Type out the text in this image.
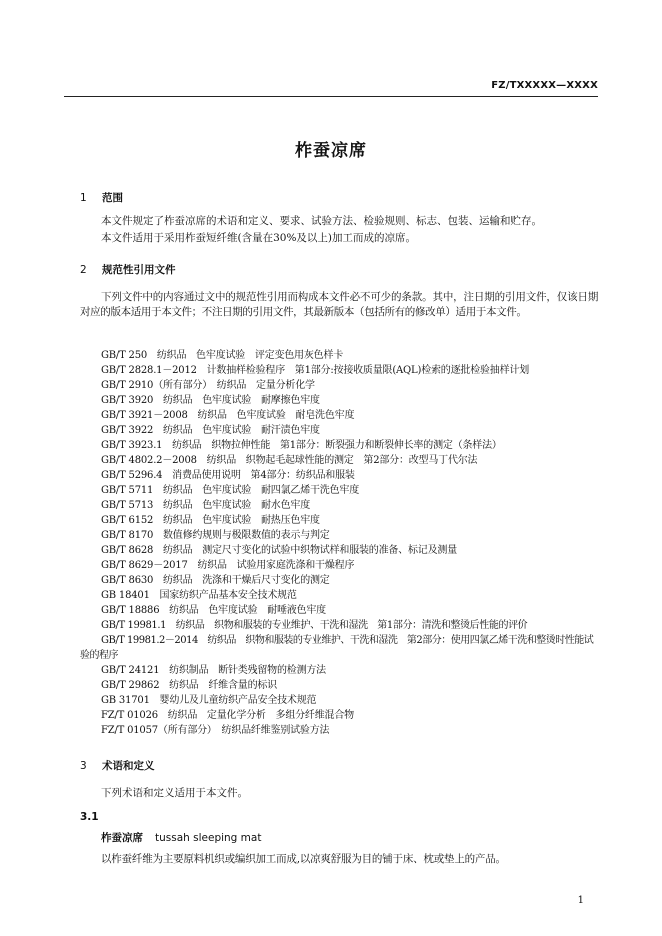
FZ/TXXXXX—XXXX
柞蚕凉席
1 范围

本文件规定了柞蚕凉席的术语和定义、要求、试验方法、检验规则、标志、包装、运输和贮存。

本文件适用于采用柞蚕短纤维(含量在30%及以上)加工而成的凉席。

2 规范性引用文件

下列文件中的内容通过文中的规范性引用而构成本文件必不可少的条款。其中，注日期的引用文件，仅该日期对应的版本适用于本文件；不注日期的引用文件，其最新版本（包括所有的修改单）适用于本文件。

GB/T 250　纺织品　色牢度试验　评定变色用灰色样卡
GB/T 2828.1－2012　计数抽样检验程序　第1部分:按接收质量限(AQL)检索的逐批检验抽样计划
GB/T 2910（所有部分）　纺织品　定量分析化学
GB/T 3920　纺织品　色牢度试验　耐摩擦色牢度
GB/T 3921－2008　纺织品　色牢度试验　耐皂洗色牢度
GB/T 3922　纺织品　色牢度试验　耐汗渍色牢度
GB/T 3923.1　纺织品　织物拉伸性能　第1部分：断裂强力和断裂伸长率的测定（条样法）
GB/T 4802.2－2008　纺织品　织物起毛起球性能的测定　第2部分：改型马丁代尔法
GB/T 5296.4　消费品使用说明　第4部分：纺织品和服装
GB/T 5711　纺织品　色牢度试验　耐四氯乙烯干洗色牢度
GB/T 5713　纺织品　色牢度试验　耐水色牢度
GB/T 6152　纺织品　色牢度试验　耐热压色牢度
GB/T 8170　数值修约规则与极限数值的表示与判定
GB/T 8628　纺织品　测定尺寸变化的试验中织物试样和服装的准备、标记及测量
GB/T 8629－2017　纺织品　试验用家庭洗涤和干燥程序
GB/T 8630　纺织品　洗涤和干燥后尺寸变化的测定
GB 18401　国家纺织产品基本安全技术规范
GB/T 18886　纺织品　色牢度试验　耐唾液色牢度
GB/T 19981.1　纺织品　织物和服装的专业维护、干洗和湿洗　第1部分：清洗和整烫后性能的评价
GB/T 19981.2－2014　纺织品　织物和服装的专业维护、干洗和湿洗　第2部分：使用四氯乙烯干洗和整烫时性能试验的程序
GB/T 24121　纺织制品　断针类残留物的检测方法
GB/T 29862　纺织品　纤维含量的标识
GB 31701　婴幼儿及儿童纺织产品安全技术规范
FZ/T 01026　纺织品　定量化学分析　多组分纤维混合物
FZ/T 01057（所有部分）　纺织品纤维鉴别试验方法
3 术语和定义

下列术语和定义适用于本文件。

3.1
柞蚕凉席 tussah sleeping mat
以柞蚕纤维为主要原料机织或编织加工而成,以凉爽舒服为目的铺于床、枕或垫上的产品。
1
